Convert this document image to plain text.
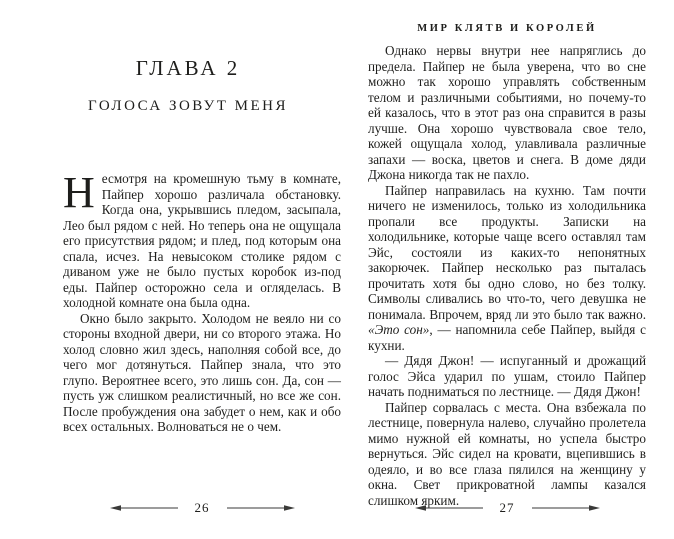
ГЛАВА 2
ГОЛОСА ЗОВУТ МЕНЯ

Несмотря на кромешную тьму в комнате, Пайпер хорошо различала обстановку. Когда она, укрывшись пледом, засыпала, Лео был рядом с ней. Но теперь она не ощущала его присутствия рядом; и плед, под которым она спала, исчез. На невысоком столике рядом с диваном уже не было пустых коробок из-под еды. Пайпер осторожно села и огляделась. В холодной комнате она была одна.

Окно было закрыто. Холодом не веяло ни со стороны входной двери, ни со второго этажа. Но холод словно жил здесь, наполняя собой все, до чего мог дотянуться. Пайпер знала, что это глупо. Вероятнее всего, это лишь сон. Да, сон — пусть уж слишком реалистичный, но все же сон. После пробуждения она забудет о нем, как и обо всех остальных. Волноваться не о чем.

26
МИР КЛЯТВ И КОРОЛЕЙ

Однако нервы внутри нее напряглись до предела. Пайпер не была уверена, что во сне можно так хорошо управлять собственным телом и различными событиями, но почему-то ей казалось, что в этот раз она справится в разы лучше. Она хорошо чувствовала свое тело, кожей ощущала холод, улавливала различные запахи — воска, цветов и снега. В доме дяди Джона никогда так не пахло.

Пайпер направилась на кухню. Там почти ничего не изменилось, только из холодильника пропали все продукты. Записки на холодильнике, которые чаще всего оставлял там Эйс, состояли из каких-то непонятных закорючек. Пайпер несколько раз пыталась прочитать хотя бы одно слово, но без толку. Символы сливались во что-то, чего девушка не понимала. Впрочем, вряд ли это было так важно. «Это сон», — напомнила себе Пайпер, выйдя с кухни.

— Дядя Джон! — испуганный и дрожащий голос Эйса ударил по ушам, стоило Пайпер начать подниматься по лестнице. — Дядя Джон!

Пайпер сорвалась с места. Она взбежала по лестнице, повернула налево, случайно пролетела мимо нужной ей комнаты, но успела быстро вернуться. Эйс сидел на кровати, вцепившись в одеяло, и во все глаза пялился на женщину у окна. Свет прикроватной лампы казался слишком ярким.	27
